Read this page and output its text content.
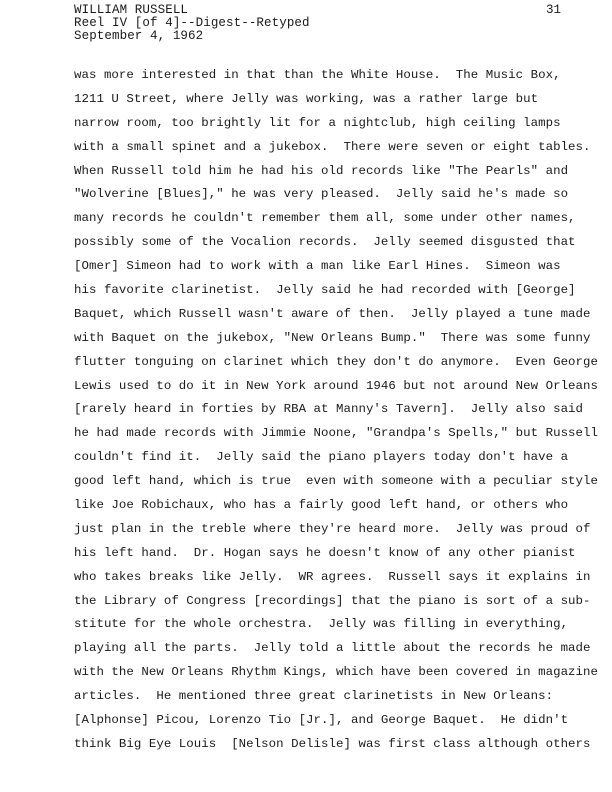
WILLIAM RUSSELL
Reel IV [of 4]--Digest--Retyped
September 4, 1962
31
was more interested in that than the White House.  The Music Box,
1211 U Street, where Jelly was working, was a rather large but
narrow room, too brightly lit for a nightclub, high ceiling lamps
with a small spinet and a jukebox.  There were seven or eight tables.
When Russell told him he had his old records like "The Pearls" and
"Wolverine [Blues]," he was very pleased.  Jelly said he's made so
many records he couldn't remember them all, some under other names,
possibly some of the Vocalion records.  Jelly seemed disgusted that
[Omer] Simeon had to work with a man like Earl Hines.  Simeon was
his favorite clarinetist.  Jelly said he had recorded with [George]
Baquet, which Russell wasn't aware of then.  Jelly played a tune made
with Baquet on the jukebox, "New Orleans Bump."  There was some funny
flutter tonguing on clarinet which they don't do anymore.  Even George
Lewis used to do it in New York around 1946 but not around New Orleans
[rarely heard in forties by RBA at Manny's Tavern].  Jelly also said
he had made records with Jimmie Noone, "Grandpa's Spells," but Russell
couldn't find it.  Jelly said the piano players today don't have a
good left hand, which is true  even with someone with a peculiar style
like Joe Robichaux, who has a fairly good left hand, or others who
just plan in the treble where they're heard more.  Jelly was proud of
his left hand.  Dr. Hogan says he doesn't know of any other pianist
who takes breaks like Jelly.  WR agrees.  Russell says it explains in
the Library of Congress [recordings] that the piano is sort of a sub-
stitute for the whole orchestra.  Jelly was filling in everything,
playing all the parts.  Jelly told a little about the records he made
with the New Orleans Rhythm Kings, which have been covered in magazine
articles.  He mentioned three great clarinetists in New Orleans:
[Alphonse] Picou, Lorenzo Tio [Jr.], and George Baquet.  He didn't
think Big Eye Louis  [Nelson Delisle] was first class although others
